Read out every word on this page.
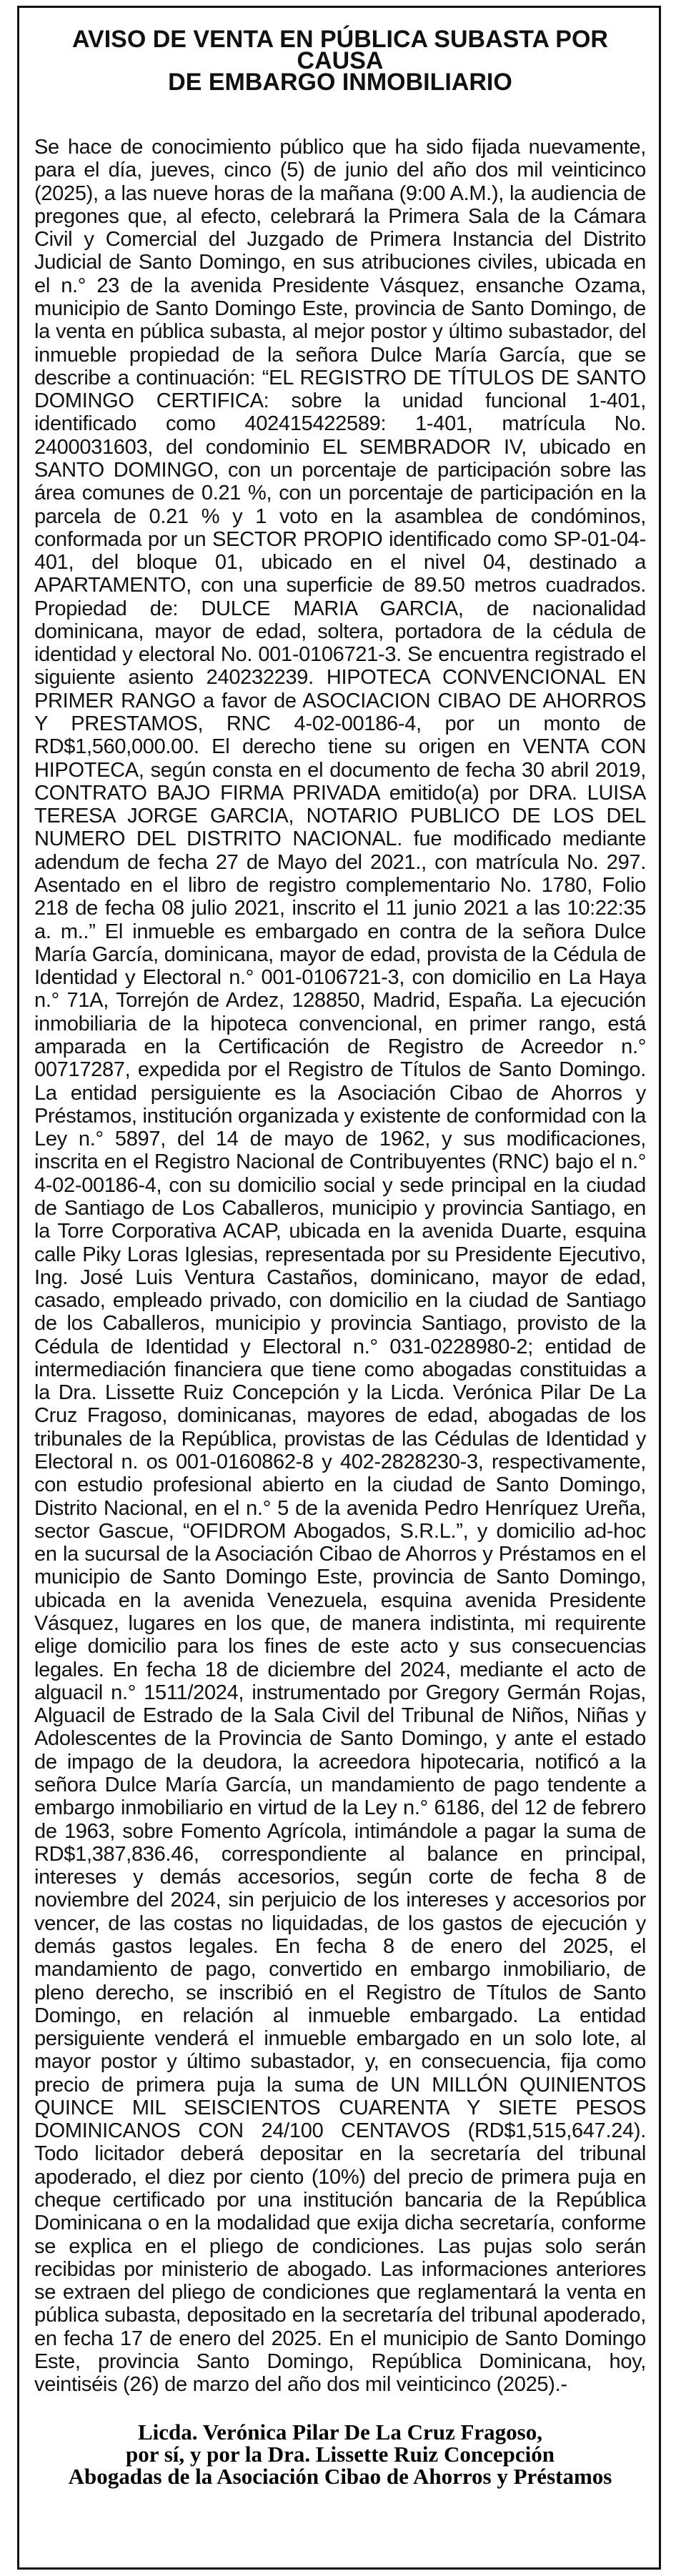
AVISO DE VENTA EN PÚBLICA SUBASTA POR CAUSA
DE EMBARGO INMOBILIARIO

Se hace de conocimiento público que ha sido fijada nuevamente, para el día, jueves, cinco (5) de junio del año dos mil veinticinco (2025), a las nueve horas de la mañana (9:00 A.M.), la audiencia de pregones que, al efecto, celebrará la Primera Sala de la Cámara Civil y Comercial del Juzgado de Primera Instancia del Distrito Judicial de Santo Domingo, en sus atribuciones civiles, ubicada en el n.° 23 de la avenida Presidente Vásquez, ensanche Ozama, municipio de Santo Domingo Este, provincia de Santo Domingo, de la venta en pública subasta, al mejor postor y último subastador, del inmueble propiedad de la señora Dulce María García, que se describe a continuación: “EL REGISTRO DE TÍTULOS DE SANTO DOMINGO CERTIFICA: sobre la unidad funcional 1-401, identificado como 402415422589: 1-401, matrícula No. 2400031603, del condominio EL SEMBRADOR IV, ubicado en SANTO DOMINGO, con un porcentaje de participación sobre las área comunes de 0.21 %, con un porcentaje de participación en la parcela de 0.21 % y 1 voto en la asamblea de condóminos, conformada por un SECTOR PROPIO identificado como SP-01-04-401, del bloque 01, ubicado en el nivel 04, destinado a APARTAMENTO, con una superficie de 89.50 metros cuadrados. Propiedad de: DULCE MARIA GARCIA, de nacionalidad dominicana, mayor de edad, soltera, portadora de la cédula de identidad y electoral No. 001-0106721-3. Se encuentra registrado el siguiente asiento 240232239. HIPOTECA CONVENCIONAL EN PRIMER RANGO a favor de ASOCIACION CIBAO DE AHORROS Y PRESTAMOS, RNC 4-02-00186-4, por un monto de RD$1,560,000.00. El derecho tiene su origen en VENTA CON HIPOTECA, según consta en el documento de fecha 30 abril 2019, CONTRATO BAJO FIRMA PRIVADA emitido(a) por DRA. LUISA TERESA JORGE GARCIA, NOTARIO PUBLICO DE LOS DEL NUMERO DEL DISTRITO NACIONAL. fue modificado mediante adendum de fecha 27 de Mayo del 2021., con matrícula No. 297. Asentado en el libro de registro complementario No. 1780, Folio 218 de fecha 08 julio 2021, inscrito el 11 junio 2021 a las 10:22:35 a. m..” El inmueble es embargado en contra de la señora Dulce María García, dominicana, mayor de edad, provista de la Cédula de Identidad y Electoral n.° 001-0106721-3, con domicilio en La Haya n.° 71A, Torrejón de Ardez, 128850, Madrid, España. La ejecución inmobiliaria de la hipoteca convencional, en primer rango, está amparada en la Certificación de Registro de Acreedor n.° 00717287, expedida por el Registro de Títulos de Santo Domingo. La entidad persiguiente es la Asociación Cibao de Ahorros y Préstamos, institución organizada y existente de conformidad con la Ley n.° 5897, del 14 de mayo de 1962, y sus modificaciones, inscrita en el Registro Nacional de Contribuyentes (RNC) bajo el n.° 4-02-00186-4, con su domicilio social y sede principal en la ciudad de Santiago de Los Caballeros, municipio y provincia Santiago, en la Torre Corporativa ACAP, ubicada en la avenida Duarte, esquina calle Piky Loras Iglesias, representada por su Presidente Ejecutivo, Ing. José Luis Ventura Castaños, dominicano, mayor de edad, casado, empleado privado, con domicilio en la ciudad de Santiago de los Caballeros, municipio y provincia Santiago, provisto de la Cédula de Identidad y Electoral n.° 031-0228980-2; entidad de intermediación financiera que tiene como abogadas constituidas a la Dra. Lissette Ruiz Concepción y la Licda. Verónica Pilar De La Cruz Fragoso, dominicanas, mayores de edad, abogadas de los tribunales de la República, provistas de las Cédulas de Identidad y Electoral n. os 001-0160862-8 y 402-2828230-3, respectivamente, con estudio profesional abierto en la ciudad de Santo Domingo, Distrito Nacional, en el n.° 5 de la avenida Pedro Henríquez Ureña, sector Gascue, “OFIDROM Abogados, S.R.L.”, y domicilio ad-hoc en la sucursal de la Asociación Cibao de Ahorros y Préstamos en el municipio de Santo Domingo Este, provincia de Santo Domingo, ubicada en la avenida Venezuela, esquina avenida Presidente Vásquez, lugares en los que, de manera indistinta, mi requirente elige domicilio para los fines de este acto y sus consecuencias legales. En fecha 18 de diciembre del 2024, mediante el acto de alguacil n.° 1511/2024, instrumentado por Gregory Germán Rojas, Alguacil de Estrado de la Sala Civil del Tribunal de Niños, Niñas y Adolescentes de la Provincia de Santo Domingo, y ante el estado de impago de la deudora, la acreedora hipotecaria, notificó a la señora Dulce María García, un mandamiento de pago tendente a embargo inmobiliario en virtud de la Ley n.° 6186, del 12 de febrero de 1963, sobre Fomento Agrícola, intimándole a pagar la suma de RD$1,387,836.46, correspondiente al balance en principal, intereses y demás accesorios, según corte de fecha 8 de noviembre del 2024, sin perjuicio de los intereses y accesorios por vencer, de las costas no liquidadas, de los gastos de ejecución y demás gastos legales. En fecha 8 de enero del 2025, el mandamiento de pago, convertido en embargo inmobiliario, de pleno derecho, se inscribió en el Registro de Títulos de Santo Domingo, en relación al inmueble embargado. La entidad persiguiente venderá el inmueble embargado en un solo lote, al mayor postor y último subastador, y, en consecuencia, fija como precio de primera puja la suma de UN MILLÓN QUINIENTOS QUINCE MIL SEISCIENTOS CUARENTA Y SIETE PESOS DOMINICANOS CON 24/100 CENTAVOS (RD$1,515,647.24). Todo licitador deberá depositar en la secretaría del tribunal apoderado, el diez por ciento (10%) del precio de primera puja en cheque certificado por una institución bancaria de la República Dominicana o en la modalidad que exija dicha secretaría, conforme se explica en el pliego de condiciones. Las pujas solo serán recibidas por ministerio de abogado. Las informaciones anteriores se extraen del pliego de condiciones que reglamentará la venta en pública subasta, depositado en la secretaría del tribunal apoderado, en fecha 17 de enero del 2025. En el municipio de Santo Domingo Este, provincia Santo Domingo, República Dominicana, hoy, veintiséis (26) de marzo del año dos mil veinticinco (2025).-

Licda. Verónica Pilar De La Cruz Fragoso,
por sí, y por la Dra. Lissette Ruiz Concepción
Abogadas de la Asociación Cibao de Ahorros y Préstamos
